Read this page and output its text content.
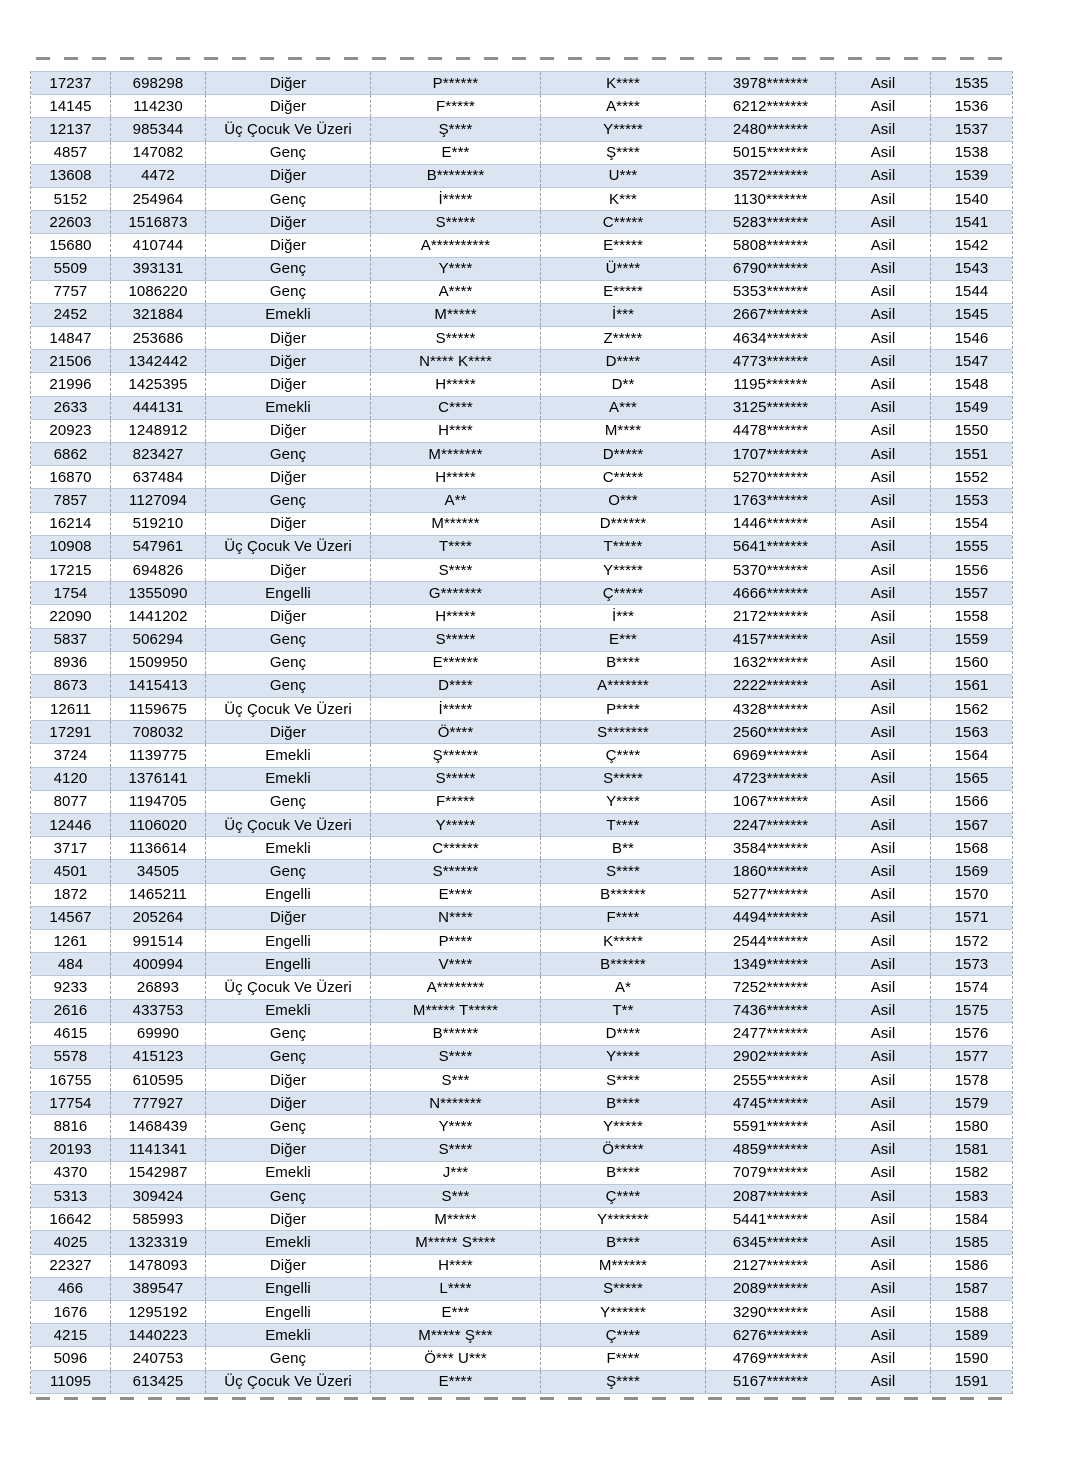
17237	698298	Diğer	P******	K****	3978*******	Asil	1535
14145	114230	Diğer	F*****	A****	6212*******	Asil	1536
12137	985344	Üç Çocuk Ve Üzeri	Ş****	Y*****	2480*******	Asil	1537
4857	147082	Genç	E***	Ş****	5015*******	Asil	1538
13608	4472	Diğer	B********	U***	3572*******	Asil	1539
5152	254964	Genç	İ*****	K***	1130*******	Asil	1540
22603	1516873	Diğer	S*****	C*****	5283*******	Asil	1541
15680	410744	Diğer	A**********	E*****	5808*******	Asil	1542
5509	393131	Genç	Y****	Ü****	6790*******	Asil	1543
7757	1086220	Genç	A****	E*****	5353*******	Asil	1544
2452	321884	Emekli	M*****	İ***	2667*******	Asil	1545
14847	253686	Diğer	S*****	Z*****	4634*******	Asil	1546
21506	1342442	Diğer	N**** K****	D****	4773*******	Asil	1547
21996	1425395	Diğer	H*****	D**	1195*******	Asil	1548
2633	444131	Emekli	C****	A***	3125*******	Asil	1549
20923	1248912	Diğer	H****	M****	4478*******	Asil	1550
6862	823427	Genç	M*******	D*****	1707*******	Asil	1551
16870	637484	Diğer	H*****	C*****	5270*******	Asil	1552
7857	1127094	Genç	A**	O***	1763*******	Asil	1553
16214	519210	Diğer	M******	D******	1446*******	Asil	1554
10908	547961	Üç Çocuk Ve Üzeri	T****	T*****	5641*******	Asil	1555
17215	694826	Diğer	S****	Y*****	5370*******	Asil	1556
1754	1355090	Engelli	G*******	Ç*****	4666*******	Asil	1557
22090	1441202	Diğer	H*****	İ***	2172*******	Asil	1558
5837	506294	Genç	S*****	E***	4157*******	Asil	1559
8936	1509950	Genç	E******	B****	1632*******	Asil	1560
8673	1415413	Genç	D****	A*******	2222*******	Asil	1561
12611	1159675	Üç Çocuk Ve Üzeri	İ*****	P****	4328*******	Asil	1562
17291	708032	Diğer	Ö****	S*******	2560*******	Asil	1563
3724	1139775	Emekli	Ş******	Ç****	6969*******	Asil	1564
4120	1376141	Emekli	S*****	S*****	4723*******	Asil	1565
8077	1194705	Genç	F*****	Y****	1067*******	Asil	1566
12446	1106020	Üç Çocuk Ve Üzeri	Y*****	T****	2247*******	Asil	1567
3717	1136614	Emekli	C******	B**	3584*******	Asil	1568
4501	34505	Genç	S******	S****	1860*******	Asil	1569
1872	1465211	Engelli	E****	B******	5277*******	Asil	1570
14567	205264	Diğer	N****	F****	4494*******	Asil	1571
1261	991514	Engelli	P****	K*****	2544*******	Asil	1572
484	400994	Engelli	V****	B******	1349*******	Asil	1573
9233	26893	Üç Çocuk Ve Üzeri	A********	A*	7252*******	Asil	1574
2616	433753	Emekli	M***** T*****	T**	7436*******	Asil	1575
4615	69990	Genç	B******	D****	2477*******	Asil	1576
5578	415123	Genç	S****	Y****	2902*******	Asil	1577
16755	610595	Diğer	S***	S****	2555*******	Asil	1578
17754	777927	Diğer	N*******	B****	4745*******	Asil	1579
8816	1468439	Genç	Y****	Y*****	5591*******	Asil	1580
20193	1141341	Diğer	S****	Ö*****	4859*******	Asil	1581
4370	1542987	Emekli	J***	B****	7079*******	Asil	1582
5313	309424	Genç	S***	Ç****	2087*******	Asil	1583
16642	585993	Diğer	M*****	Y*******	5441*******	Asil	1584
4025	1323319	Emekli	M***** S****	B****	6345*******	Asil	1585
22327	1478093	Diğer	H****	M******	2127*******	Asil	1586
466	389547	Engelli	L****	S*****	2089*******	Asil	1587
1676	1295192	Engelli	E***	Y******	3290*******	Asil	1588
4215	1440223	Emekli	M***** Ş***	Ç****	6276*******	Asil	1589
5096	240753	Genç	Ö*** U***	F****	4769*******	Asil	1590
11095	613425	Üç Çocuk Ve Üzeri	E****	Ş****	5167*******	Asil	1591
